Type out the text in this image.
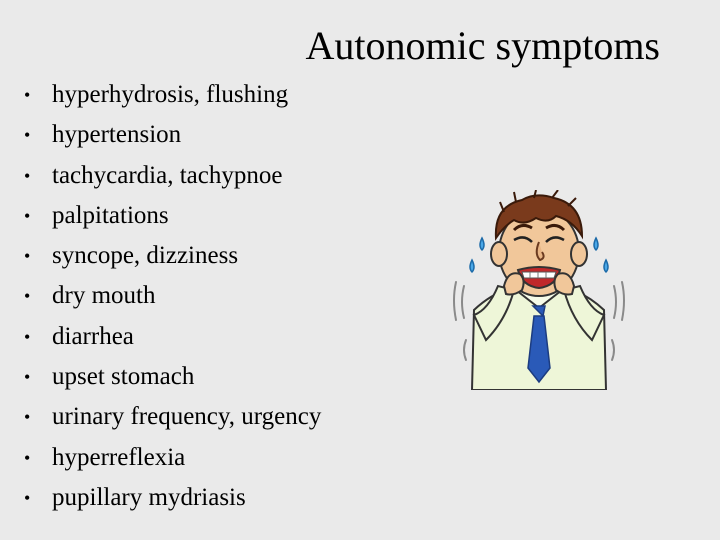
Autonomic symptoms
• hyperhydrosis, flushing
• hypertension
• tachycardia, tachypnoe
• palpitations
• syncope, dizziness
• dry mouth
• diarrhea
• upset stomach
• urinary frequency, urgency
• hyperreflexia
• pupillary mydriasis
